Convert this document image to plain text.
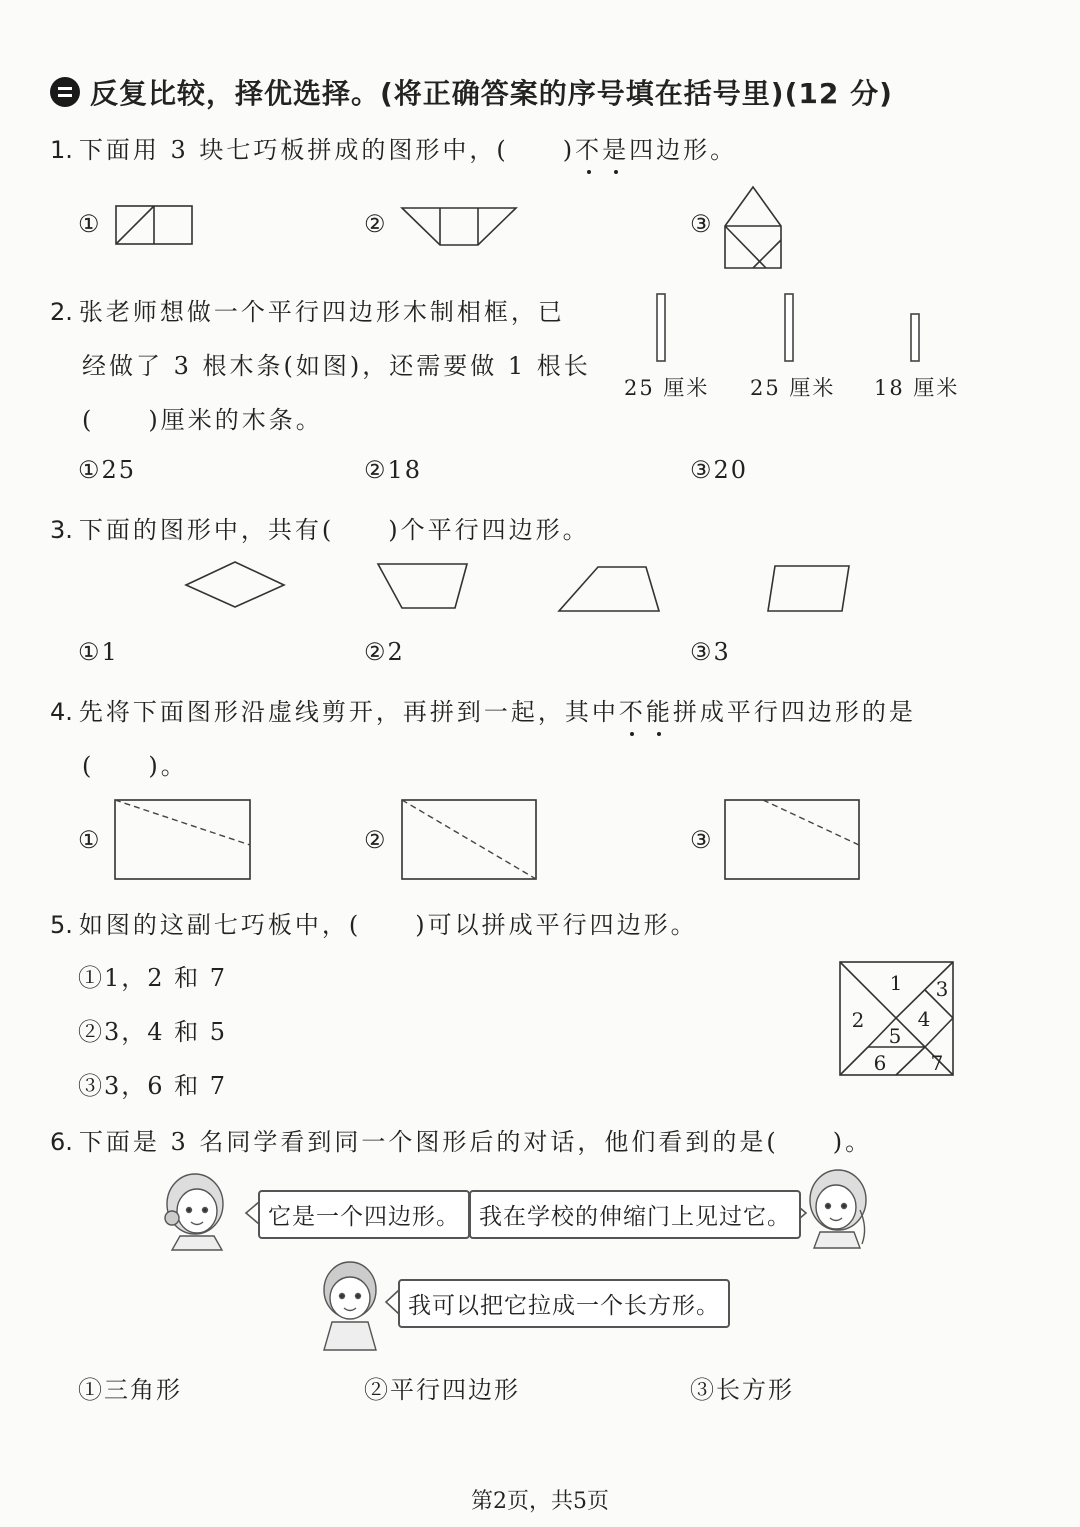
反复比较，择优选择。(将正确答案的序号填在括号里)(12 分)
1. 下面用 3 块七巧板拼成的图形中，(　　)不是四边形。
①	②	③
2. 张老师想做一个平行四边形木制相框，已
经做了 3 根木条(如图)，还需要做 1 根长
(　　)厘米的木条。
25 厘米 25 厘米 18 厘米
①25	②18	③20
3. 下面的图形中，共有(　　)个平行四边形。
①1	②2	③3
4. 先将下面图形沿虚线剪开，再拼到一起，其中不能拼成平行四边形的是
(　　)。
①	②	③
5. 如图的这副七巧板中，(　　)可以拼成平行四边形。
①1，2 和 7
②3，4 和 5
③3，6 和 7
1
2
3
4
5
6 7
6. 下面是 3 名同学看到同一个图形后的对话，他们看到的是(　　)。
它是一个四边形。 我在学校的伸缩门上见过它。
我可以把它拉成一个长方形。
①三角形	②平行四边形	③长方形
第2页，共5页
